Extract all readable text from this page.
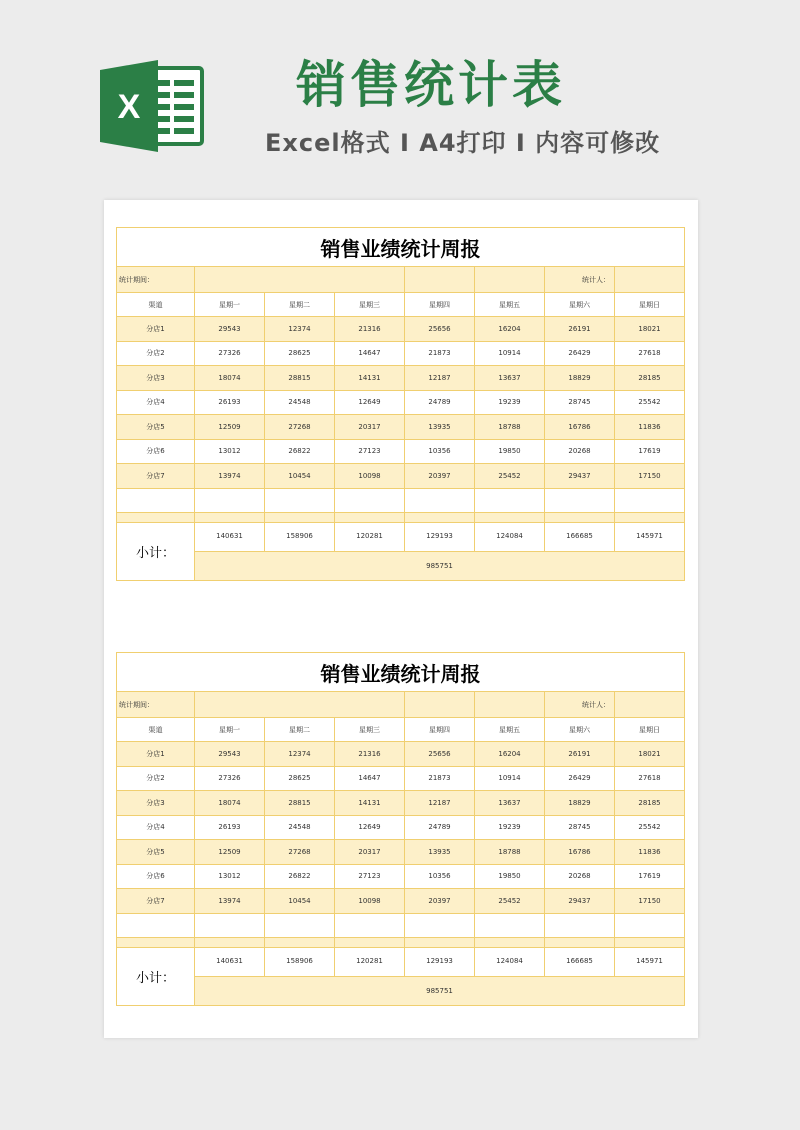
X	销售统计表
Excel格式 I A4打印 I 内容可修改
销售业绩统计周报							
统计期间：						统计人：	
渠道	星期一	星期二	星期三	星期四	星期五	星期六	星期日
分店1	29543	12374	21316	25656	16204	26191	18021
分店2	27326	28625	14647	21873	10914	26429	27618
分店3	18074	28815	14131	12187	13637	18829	28185
分店4	26193	24548	12649	24789	19239	28745	25542
分店5	12509	27268	20317	13935	18788	16786	11836
分店6	13012	26822	27123	10356	19850	20268	17619
分店7	13974	10454	10098	20397	25452	29437	17150

小计：	140631	158906	120281	129193	124084	166685	145971
	985751						
销售业绩统计周报							
统计期间：						统计人：	
渠道	星期一	星期二	星期三	星期四	星期五	星期六	星期日
分店1	29543	12374	21316	25656	16204	26191	18021
分店2	27326	28625	14647	21873	10914	26429	27618
分店3	18074	28815	14131	12187	13637	18829	28185
分店4	26193	24548	12649	24789	19239	28745	25542
分店5	12509	27268	20317	13935	18788	16786	11836
分店6	13012	26822	27123	10356	19850	20268	17619
分店7	13974	10454	10098	20397	25452	29437	17150

小计：	140631	158906	120281	129193	124084	166685	145971
	985751						
